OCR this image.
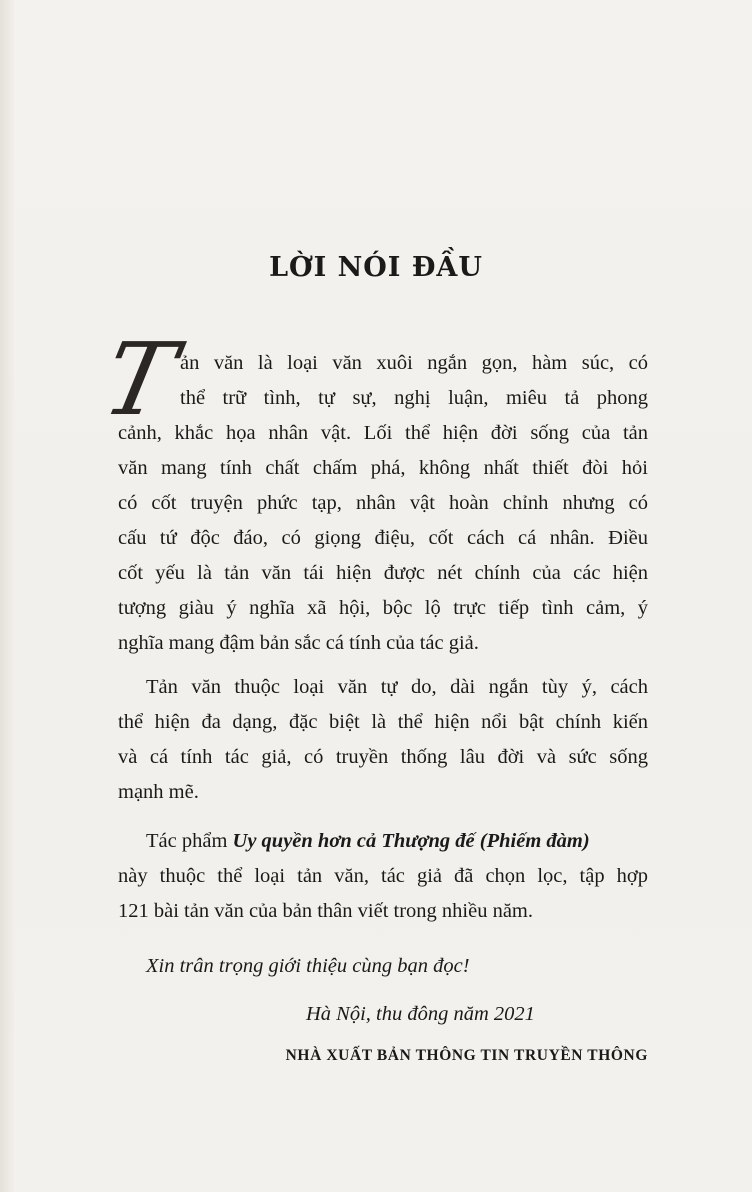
LỜI NÓI ĐẦU
T
ản văn là loại văn xuôi ngắn gọn, hàm súc, có
thể trữ tình, tự sự, nghị luận, miêu tả phong
cảnh, khắc họa nhân vật. Lối thể hiện đời sống của tản
văn mang tính chất chấm phá, không nhất thiết đòi hỏi
có cốt truyện phức tạp, nhân vật hoàn chỉnh nhưng có
cấu tứ độc đáo, có giọng điệu, cốt cách cá nhân. Điều
cốt yếu là tản văn tái hiện được nét chính của các hiện
tượng giàu ý nghĩa xã hội, bộc lộ trực tiếp tình cảm, ý
nghĩa mang đậm bản sắc cá tính của tác giả.
Tản văn thuộc loại văn tự do, dài ngắn tùy ý, cách
thể hiện đa dạng, đặc biệt là thể hiện nổi bật chính kiến
và cá tính tác giả, có truyền thống lâu đời và sức sống
mạnh mẽ.
Tác phẩm Uy quyền hơn cả Thượng đế (Phiếm đàm)
này thuộc thể loại tản văn, tác giả đã chọn lọc, tập hợp
121 bài tản văn của bản thân viết trong nhiều năm.
Xin trân trọng giới thiệu cùng bạn đọc!
Hà Nội, thu đông năm 2021
NHÀ XUẤT BẢN THÔNG TIN TRUYỀN THÔNG
